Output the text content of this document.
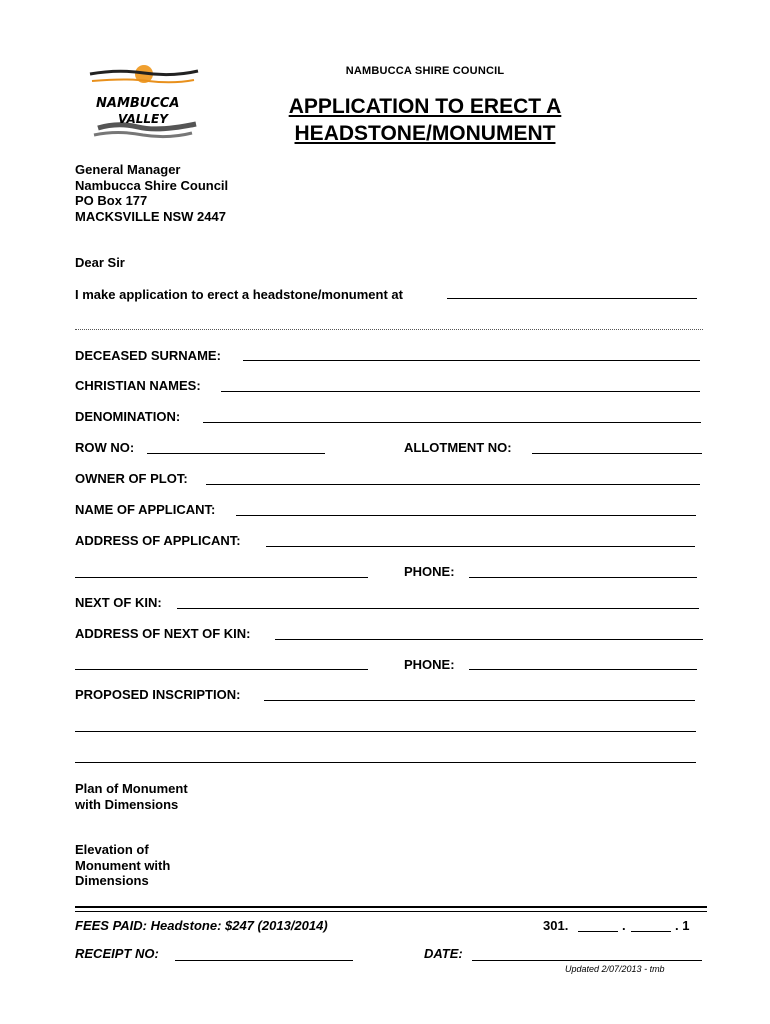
NAMBUCCA
VALLEY
NAMBUCCA SHIRE COUNCIL
APPLICATION TO ERECT A
HEADSTONE/MONUMENT
General Manager
Nambucca Shire Council
PO Box 177
MACKSVILLE NSW 2447
Dear Sir
I make application to erect a headstone/monument at
DECEASED SURNAME:
CHRISTIAN NAMES:
DENOMINATION:
ROW NO:	ALLOTMENT NO:
OWNER OF PLOT:
NAME OF APPLICANT:
ADDRESS OF APPLICANT:
PHONE:
NEXT OF KIN:
ADDRESS OF NEXT OF KIN:
PHONE:
PROPOSED INSCRIPTION:
Plan of Monument
with Dimensions
Elevation of
Monument with
Dimensions
FEES PAID: Headstone: $247 (2013/2014)	301.	.	. 1
RECEIPT NO:	DATE:
Updated 2/07/2013 - tmb
